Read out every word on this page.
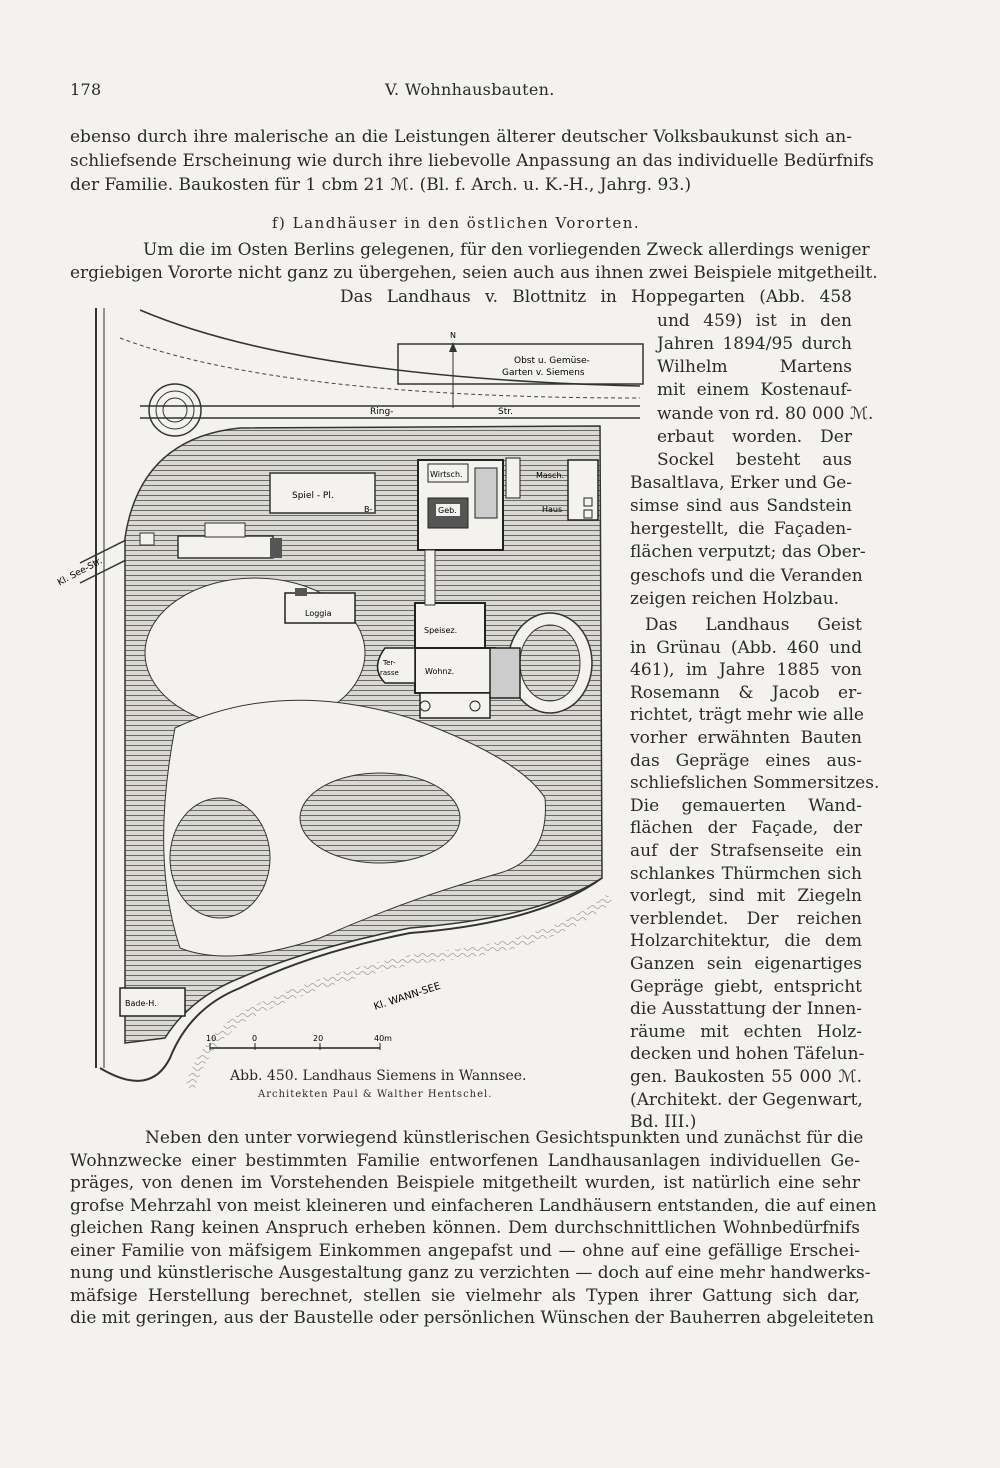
178	V. Wohnhausbauten.
ebenso durch ihre malerische an die Leistungen älterer deutscher Volksbaukunst sich an-
schliefsende Erscheinung wie durch ihre liebevolle Anpassung an das individuelle Bedürfnifs
der Familie. Baukosten für 1 cbm 21 ℳ. (Bl. f. Arch. u. K.-H., Jahrg. 93.)
f) Landhäuser in den östlichen Vororten.
Um die im Osten Berlins gelegenen, für den vorliegenden Zweck allerdings weniger
ergiebigen Vororte nicht ganz zu übergehen, seien auch aus ihnen zwei Beispiele mitgetheilt.
Das Landhaus v. Blottnitz in Hoppegarten (Abb. 458
und 459) ist in den
Jahren 1894/95 durch
Wilhelm Martens
mit einem Kostenauf-
wande von rd. 80 000 ℳ.
erbaut worden. Der
Sockel besteht aus
Basaltlava, Erker und Ge-
simse sind aus Sandstein
hergestellt, die Façaden-
flächen verputzt; das Ober-
geschofs und die Veranden
zeigen reichen Holzbau.
Das Landhaus Geist
in Grünau (Abb. 460 und
461), im Jahre 1885 von
Rosemann & Jacob er-
richtet, trägt mehr wie alle
vorher erwähnten Bauten
das Gepräge eines aus-
schliefslichen Sommersitzes.
Die gemauerten Wand-
flächen der Façade, der
auf der Strafsenseite ein
schlankes Thürmchen sich
vorlegt, sind mit Ziegeln
verblendet. Der reichen
Holzarchitektur, die dem
Ganzen sein eigenartiges
Gepräge giebt, entspricht
die Ausstattung der Innen-
räume mit echten Holz-
decken und hohen Täfelun-
gen. Baukosten 55 000 ℳ.
(Architekt. der Gegenwart,
Bd. III.)
Obst u. Gemüse-
Garten v. Siemens
N
Ring-	Str.
Kl. See-Str.
Spiel - Pl.
B-
Wirtsch.
Geb.
Masch.
Haus
Loggia
Speisez.
Wohnz.
Ter-
rasse
Kl. WANN-SEE
Bade-H.
10	0	20	40m
Abb. 450. Landhaus Siemens in Wannsee.
Architekten Paul & Walther Hentschel.
Neben den unter vorwiegend künstlerischen Gesichtspunkten und zunächst für die
Wohnzwecke einer bestimmten Familie entworfenen Landhausanlagen individuellen Ge-
präges, von denen im Vorstehenden Beispiele mitgetheilt wurden, ist natürlich eine sehr
grofse Mehrzahl von meist kleineren und einfacheren Landhäusern entstanden, die auf einen
gleichen Rang keinen Anspruch erheben können. Dem durchschnittlichen Wohnbedürfnifs
einer Familie von mäfsigem Einkommen angepafst und — ohne auf eine gefällige Erschei-
nung und künstlerische Ausgestaltung ganz zu verzichten — doch auf eine mehr handwerks-
mäfsige Herstellung berechnet, stellen sie vielmehr als Typen ihrer Gattung sich dar,
die mit geringen, aus der Baustelle oder persönlichen Wünschen der Bauherren abgeleiteten
